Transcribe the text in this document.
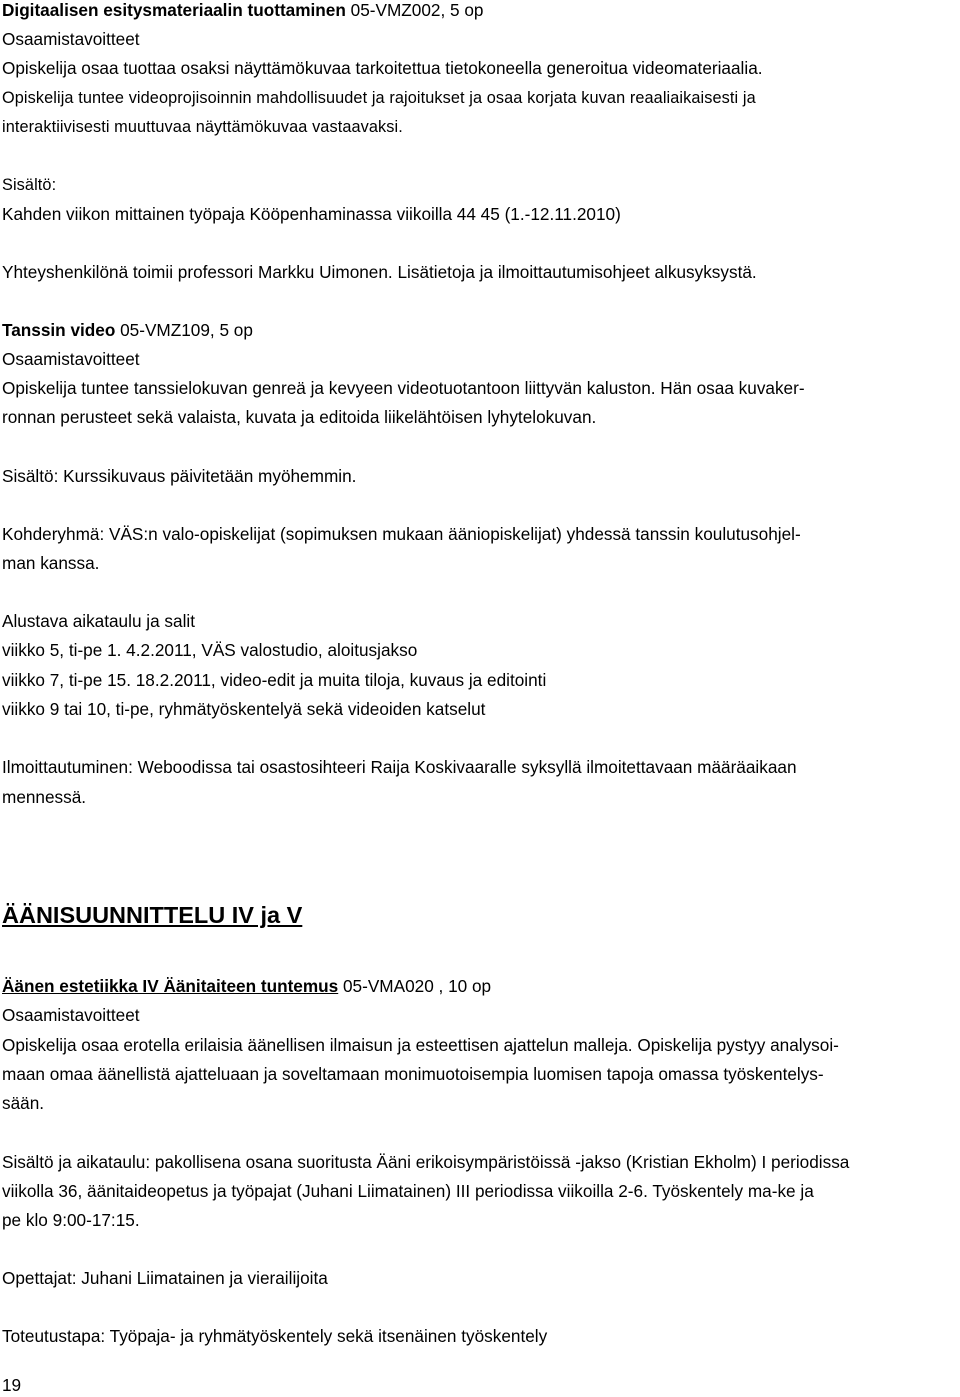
Digitaalisen esitysmateriaalin tuottaminen 05-VMZ002, 5 op
Osaamistavoitteet
Opiskelija osaa tuottaa osaksi näyttämökuvaa tarkoitettua tietokoneella generoitua videomateriaalia.
Opiskelija tuntee videoprojisoinnin mahdollisuudet ja rajoitukset ja osaa korjata kuvan reaaliaikaisesti ja
interaktiivisesti muuttuvaa näyttämökuvaa vastaavaksi.
Sisältö:
Kahden viikon mittainen työpaja Kööpenhaminassa viikoilla 44 45 (1.-12.11.2010)
Yhteyshenkilönä toimii professori Markku Uimonen. Lisätietoja ja ilmoittautumisohjeet alkusyksystä.
Tanssin video 05-VMZ109, 5 op
Osaamistavoitteet
Opiskelija tuntee tanssielokuvan genreä ja kevyeen videotuotantoon liittyvän kaluston. Hän osaa kuvaker-
ronnan perusteet sekä valaista, kuvata ja editoida liikelähtöisen lyhytelokuvan.
Sisältö: Kurssikuvaus päivitetään myöhemmin.
Kohderyhmä: VÄS:n valo-opiskelijat (sopimuksen mukaan ääniopiskelijat) yhdessä tanssin koulutusohjel-
man kanssa.
Alustava aikataulu ja salit
viikko 5, ti-pe 1. 4.2.2011, VÄS valostudio, aloitusjakso
viikko 7, ti-pe 15. 18.2.2011, video-edit ja muita tiloja, kuvaus ja editointi
viikko 9 tai 10, ti-pe, ryhmätyöskentelyä sekä videoiden katselut
Ilmoittautuminen: Weboodissa tai osastosihteeri Raija Koskivaaralle syksyllä ilmoitettavaan määräaikaan
mennessä.
ÄÄNISUUNNITTELU IV ja V
Äänen estetiikka IV Äänitaiteen tuntemus 05-VMA020 , 10 op
Osaamistavoitteet
Opiskelija osaa erotella erilaisia äänellisen ilmaisun ja esteettisen ajattelun malleja. Opiskelija pystyy analysoi-
maan omaa äänellistä ajatteluaan ja soveltamaan monimuotoisempia luomisen tapoja omassa työskentelys-
sään.
Sisältö ja aikataulu: pakollisena osana suoritusta Ääni erikoisympäristöissä -jakso (Kristian Ekholm) I periodissa
viikolla 36, äänitaideopetus ja työpajat (Juhani Liimatainen) III periodissa viikoilla 2-6. Työskentely ma-ke ja
pe klo 9:00-17:15.
Opettajat: Juhani Liimatainen ja vierailijoita
Toteutustapa: Työpaja- ja ryhmätyöskentely sekä itsenäinen työskentely
19
